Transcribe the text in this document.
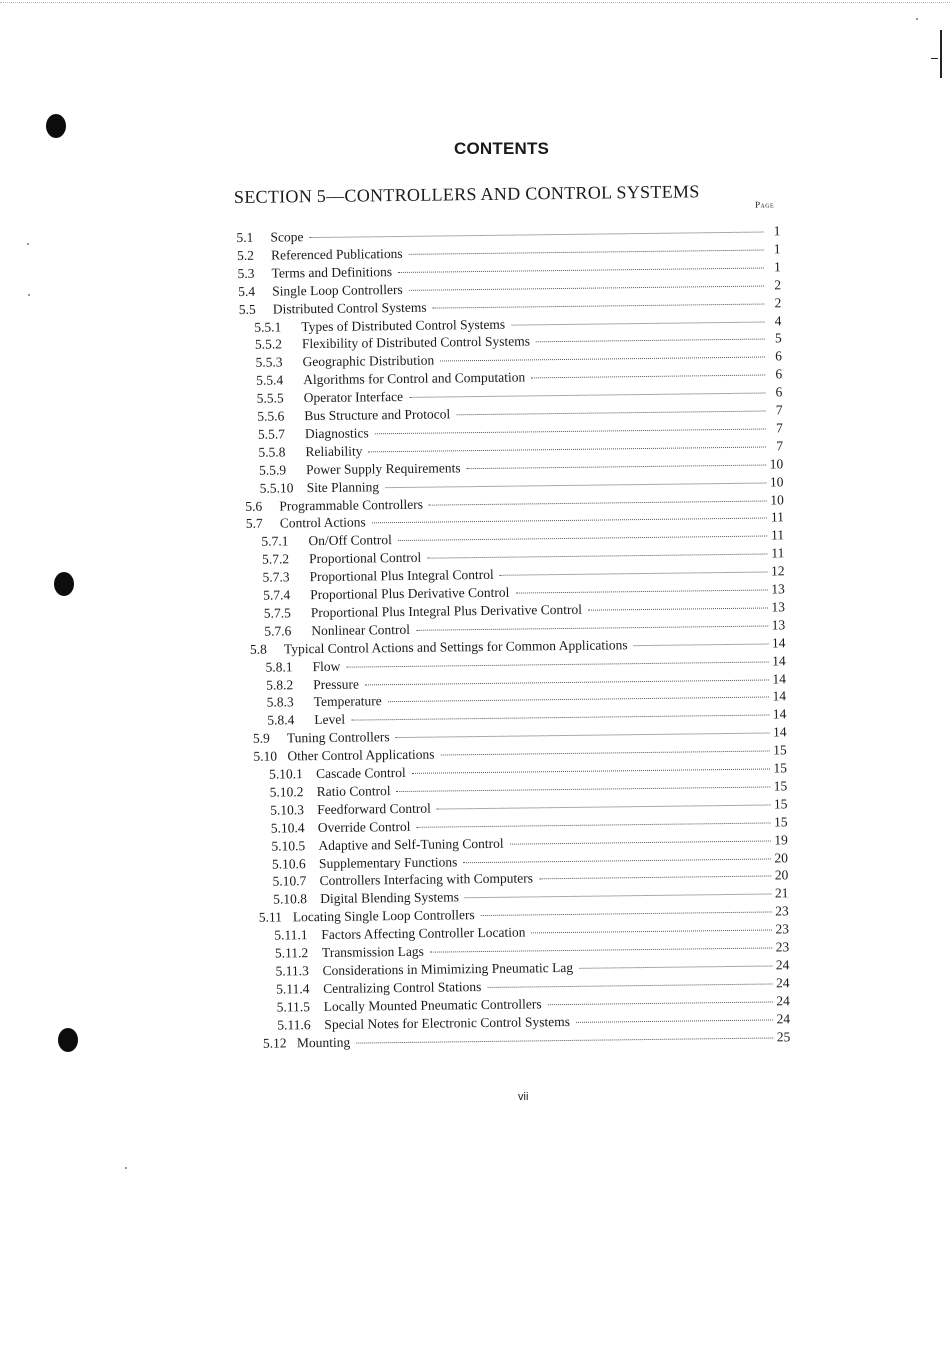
CONTENTS
SECTION 5—CONTROLLERS AND CONTROL SYSTEMS	Page
5.1	Scope	1
5.2	Referenced Publications	1
5.3	Terms and Definitions	1
5.4	Single Loop Controllers	2
5.5	Distributed Control Systems	2
5.5.1	Types of Distributed Control Systems	4
5.5.2	Flexibility of Distributed Control Systems	5
5.5.3	Geographic Distribution	6
5.5.4	Algorithms for Control and Computation	6
5.5.5	Operator Interface	6
5.5.6	Bus Structure and Protocol	7
5.5.7	Diagnostics	7
5.5.8	Reliability	7
5.5.9	Power Supply Requirements	10
5.5.10 Site Planning	10
5.6	Programmable Controllers	10
5.7	Control Actions	11
5.7.1	On/Off Control	11
5.7.2	Proportional Control	11
5.7.3	Proportional Plus Integral Control	12
5.7.4	Proportional Plus Derivative Control	13
5.7.5	Proportional Plus Integral Plus Derivative Control	13
5.7.6	Nonlinear Control	13
5.8	Typical Control Actions and Settings for Common Applications	14
5.8.1	Flow	14
5.8.2	Pressure	14
5.8.3	Temperature	14
5.8.4	Level	14
5.9	Tuning Controllers	14
5.10 Other Control Applications	15
5.10.1 Cascade Control	15
5.10.2 Ratio Control	15
5.10.3 Feedforward Control	15
5.10.4 Override Control	15
5.10.5 Adaptive and Self-Tuning Control	19
5.10.6 Supplementary Functions	20
5.10.7 Controllers Interfacing with Computers	20
5.10.8 Digital Blending Systems	21
5.11 Locating Single Loop Controllers	23
5.11.1	Factors Affecting Controller Location	23
5.11.2	Transmission Lags	23
5.11.3	Considerations in Mimimizing Pneumatic Lag	24
5.11.4	Centralizing Control Stations	24
5.11.5	Locally Mounted Pneumatic Controllers	24
5.11.6	Special Notes for Electronic Control Systems	24
5.12 Mounting	25
vii
